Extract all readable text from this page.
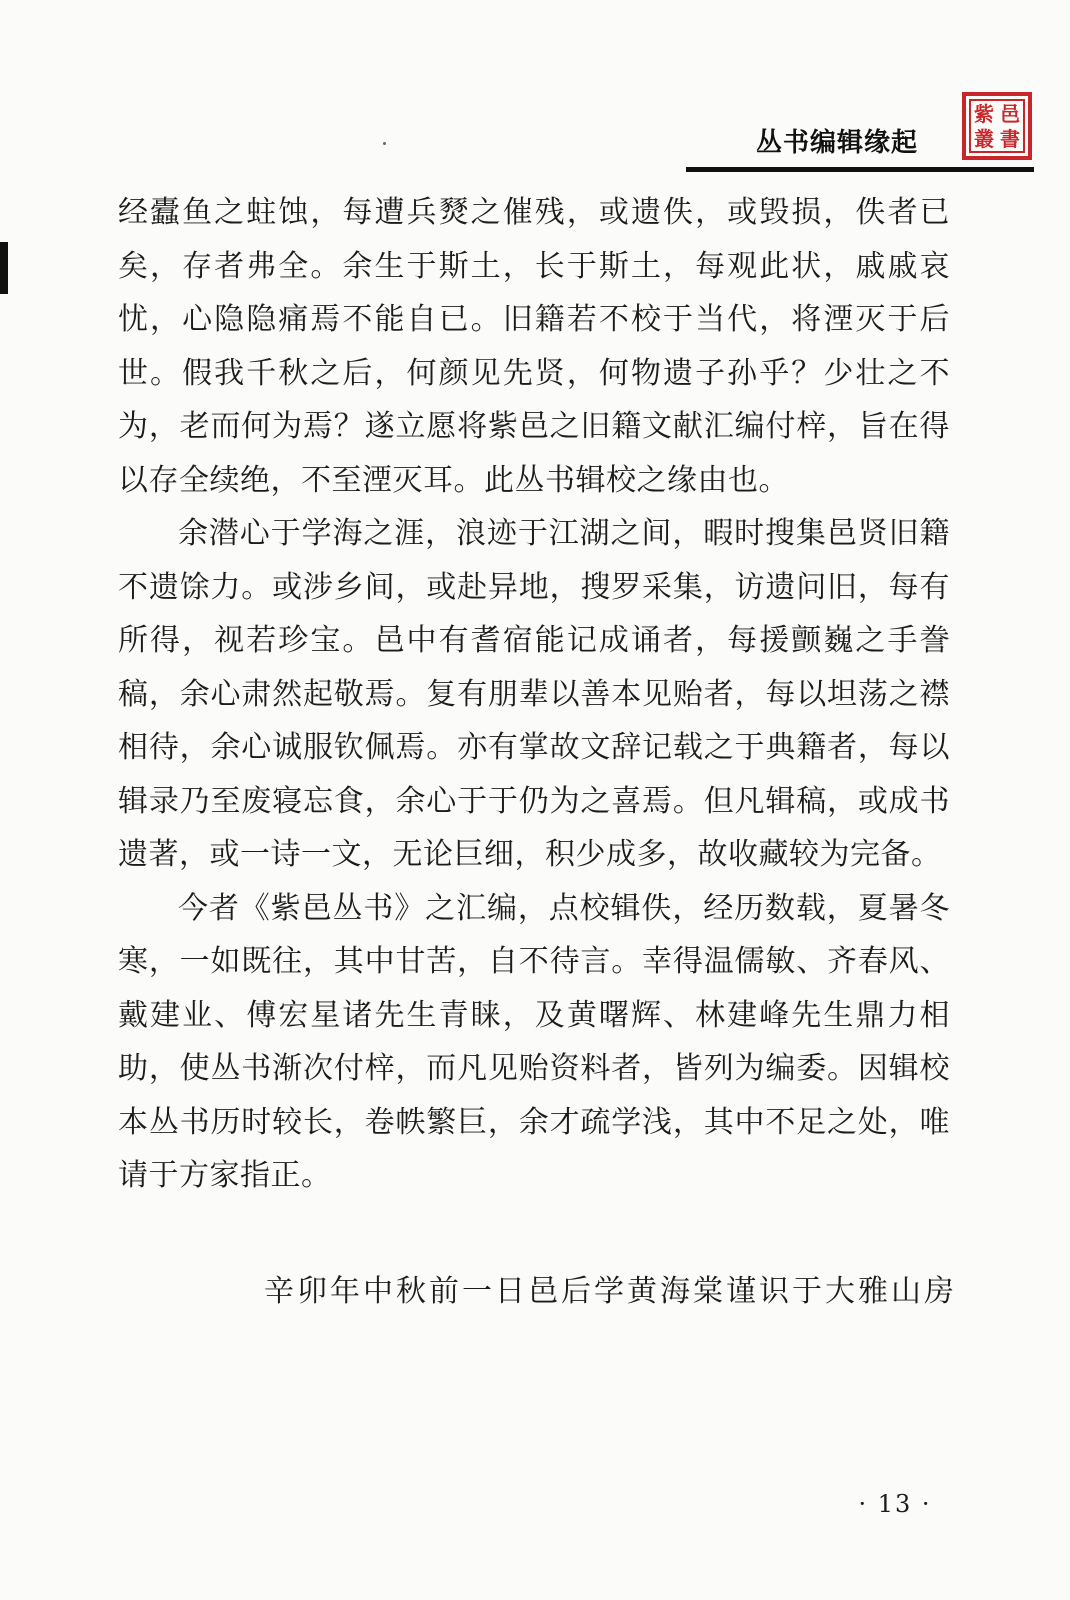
丛书编辑缘起
紫 邑
叢 書

经蠹鱼之蛀蚀，每遭兵燹之催残，或遗佚，或毁损，佚者已矣，存者弗全。余生于斯土，长于斯土，每观此状，戚戚哀忧，心隐隐痛焉不能自已。旧籍若不校于当代，将湮灭于后世。假我千秋之后，何颜见先贤，何物遗子孙乎？少壮之不为，老而何为焉？遂立愿将紫邑之旧籍文献汇编付梓，旨在得以存全续绝，不至湮灭耳。此丛书辑校之缘由也。

余潜心于学海之涯，浪迹于江湖之间，暇时搜集邑贤旧籍不遗馀力。或涉乡间，或赴异地，搜罗采集，访遗问旧，每有所得，视若珍宝。邑中有耆宿能记成诵者，每援颤巍之手誊稿，余心肃然起敬焉。复有朋辈以善本见贻者，每以坦荡之襟相待，余心诚服钦佩焉。亦有掌故文辞记载之于典籍者，每以辑录乃至废寝忘食，余心于于仍为之喜焉。但凡辑稿，或成书遗著，或一诗一文，无论巨细，积少成多，故收藏较为完备。

今者《紫邑丛书》之汇编，点校辑佚，经历数载，夏暑冬寒，一如既往，其中甘苦，自不待言。幸得温儒敏、齐春风、戴建业、傅宏星诸先生青睐，及黄曙辉、林建峰先生鼎力相助，使丛书渐次付梓，而凡见贻资料者，皆列为编委。因辑校本丛书历时较长，卷帙繁巨，余才疏学浅，其中不足之处，唯请于方家指正。

辛卯年中秋前一日邑后学黄海棠谨识于大雅山房
· 13 ·
